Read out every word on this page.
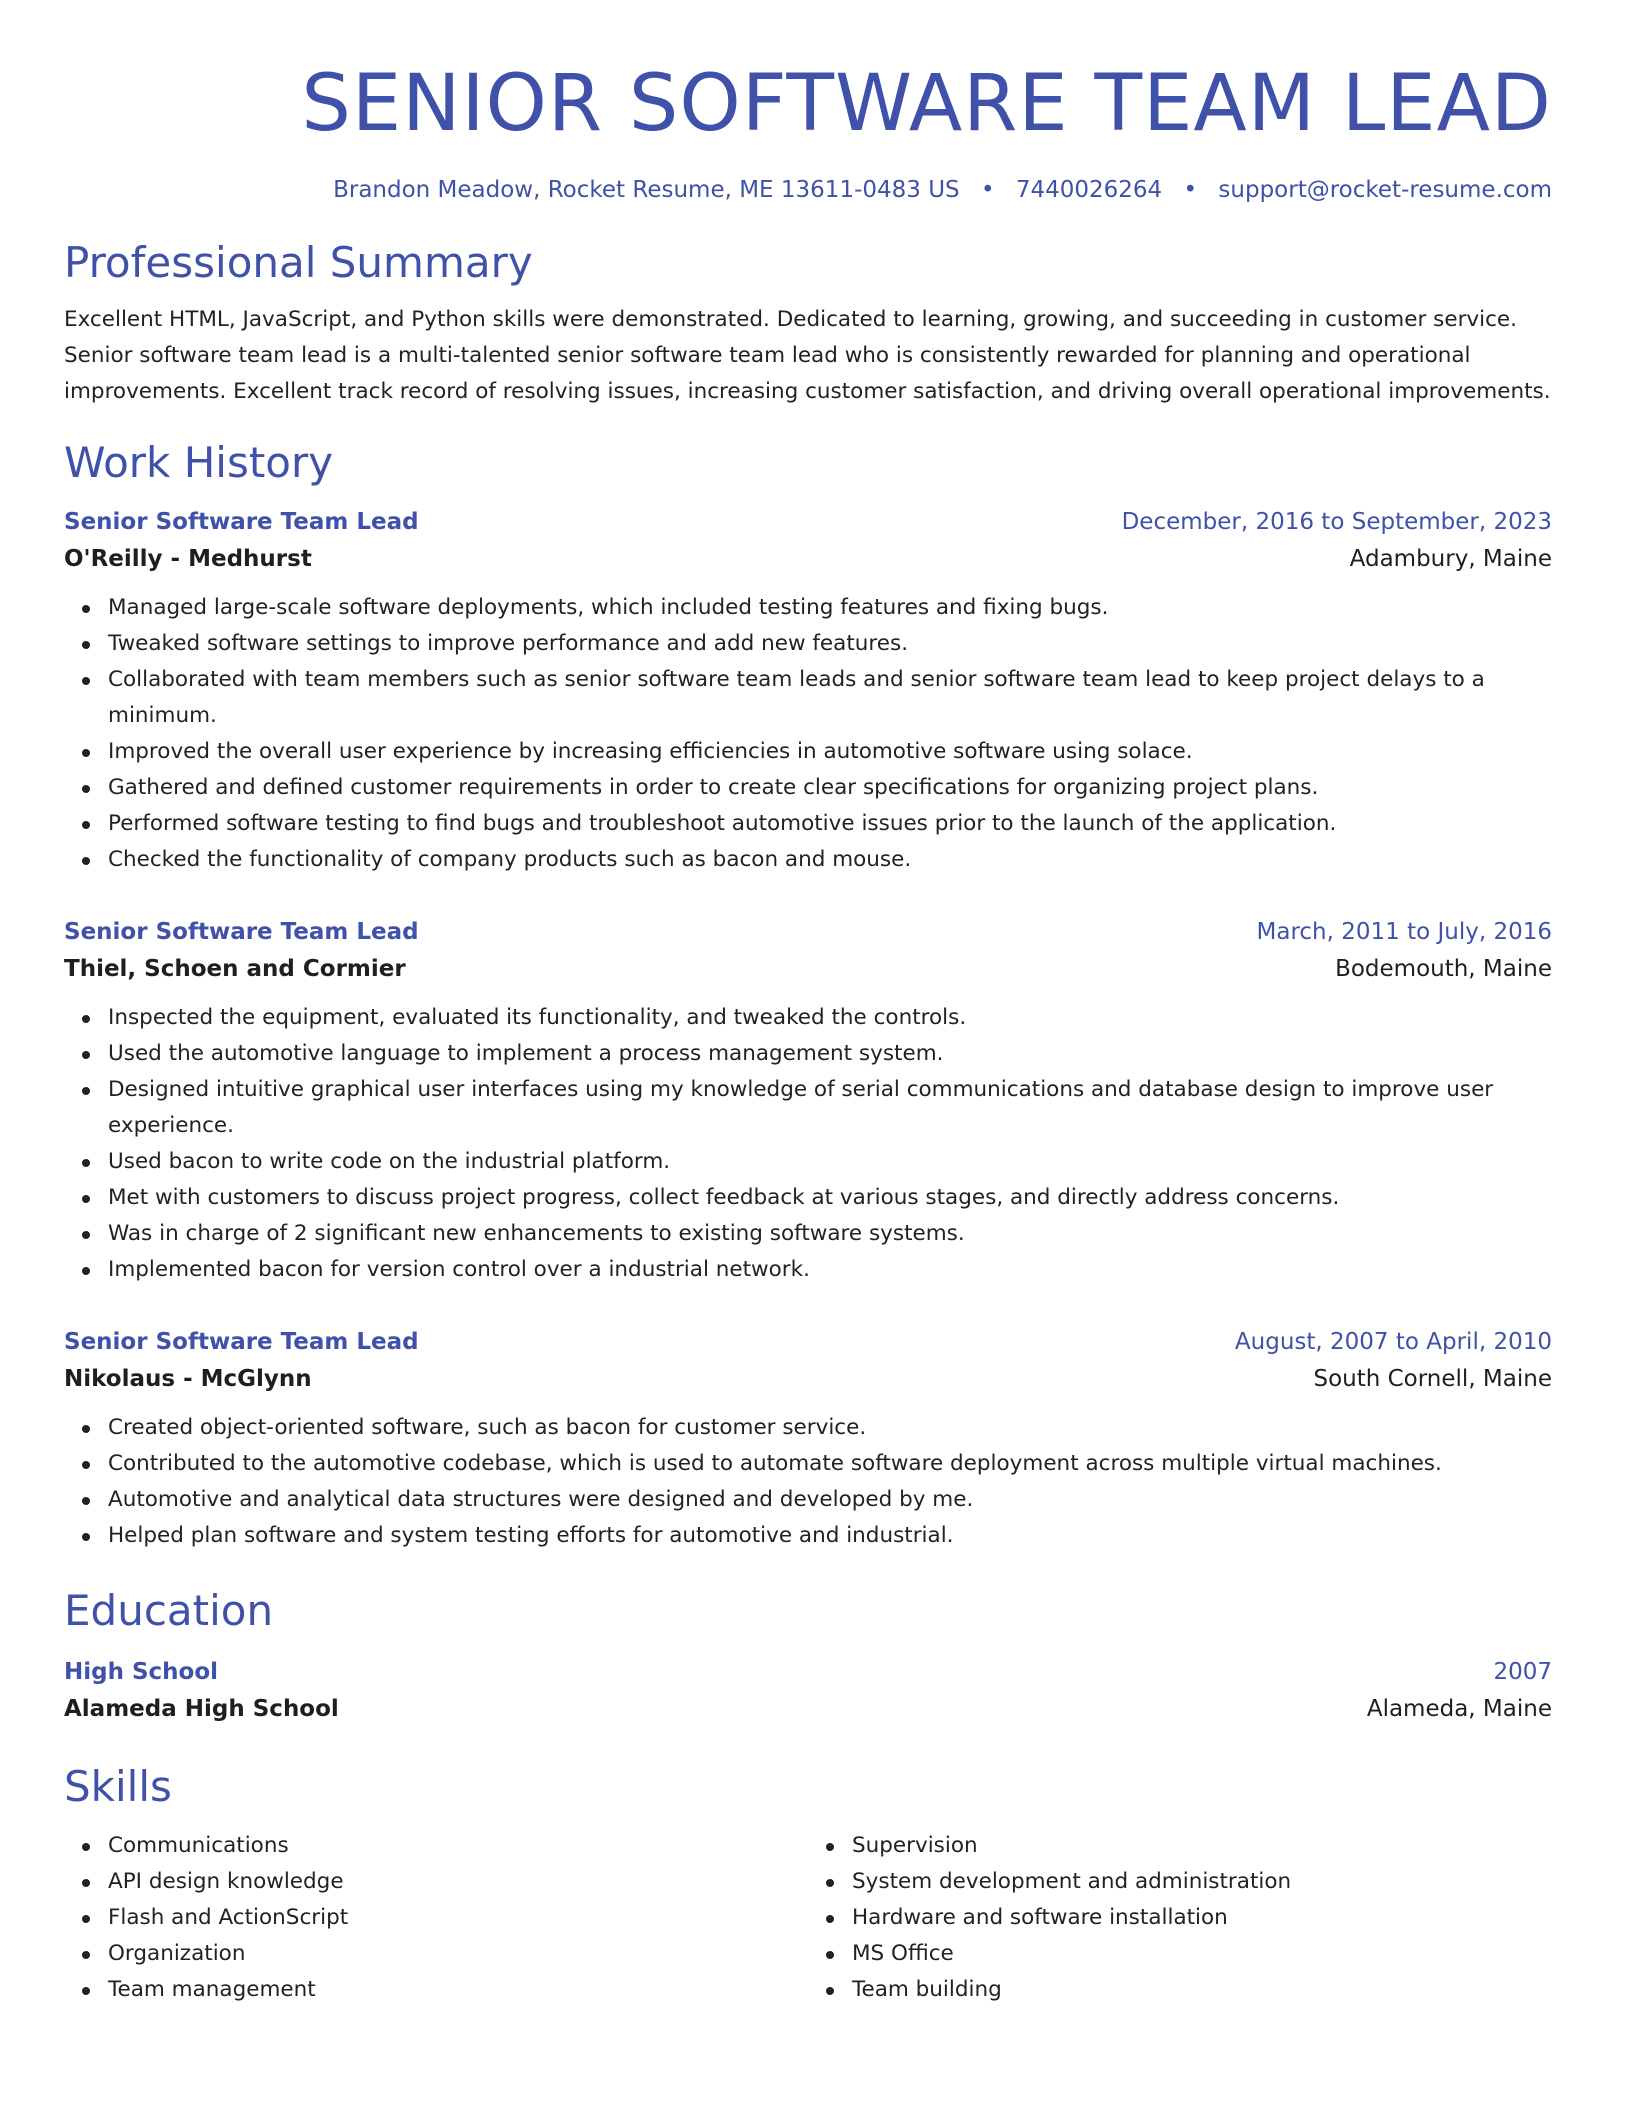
SENIOR SOFTWARE TEAM LEAD
Brandon Meadow, Rocket Resume, ME 13611-0483 US • 7440026264 • support@rocket-resume.com
Professional Summary

Excellent HTML, JavaScript, and Python skills were demonstrated. Dedicated to learning, growing, and succeeding in customer service. Senior software team lead is a multi-talented senior software team lead who is consistently rewarded for planning and operational improvements. Excellent track record of resolving issues, increasing customer satisfaction, and driving overall operational improvements.

Work History
Senior Software Team Lead	December, 2016 to September, 2023
O'Reilly - Medhurst	Adambury, Maine
Managed large-scale software deployments, which included testing features and fixing bugs.
Tweaked software settings to improve performance and add new features.
Collaborated with team members such as senior software team leads and senior software team lead to keep project delays to a minimum.
Improved the overall user experience by increasing efficiencies in automotive software using solace.
Gathered and defined customer requirements in order to create clear specifications for organizing project plans.
Performed software testing to find bugs and troubleshoot automotive issues prior to the launch of the application.
Checked the functionality of company products such as bacon and mouse.
Senior Software Team Lead	March, 2011 to July, 2016
Thiel, Schoen and Cormier	Bodemouth, Maine
Inspected the equipment, evaluated its functionality, and tweaked the controls.
Used the automotive language to implement a process management system.
Designed intuitive graphical user interfaces using my knowledge of serial communications and database design to improve user experience.
Used bacon to write code on the industrial platform.
Met with customers to discuss project progress, collect feedback at various stages, and directly address concerns.
Was in charge of 2 significant new enhancements to existing software systems.
Implemented bacon for version control over a industrial network.
Senior Software Team Lead	August, 2007 to April, 2010
Nikolaus - McGlynn	South Cornell, Maine
Created object-oriented software, such as bacon for customer service.
Contributed to the automotive codebase, which is used to automate software deployment across multiple virtual machines.
Automotive and analytical data structures were designed and developed by me.
Helped plan software and system testing efforts for automotive and industrial.
Education
High School	2007
Alameda High School	Alameda, Maine
Skills
Communications
API design knowledge
Flash and ActionScript
Organization
Team management
Supervision
System development and administration
Hardware and software installation
MS Office
Team building
